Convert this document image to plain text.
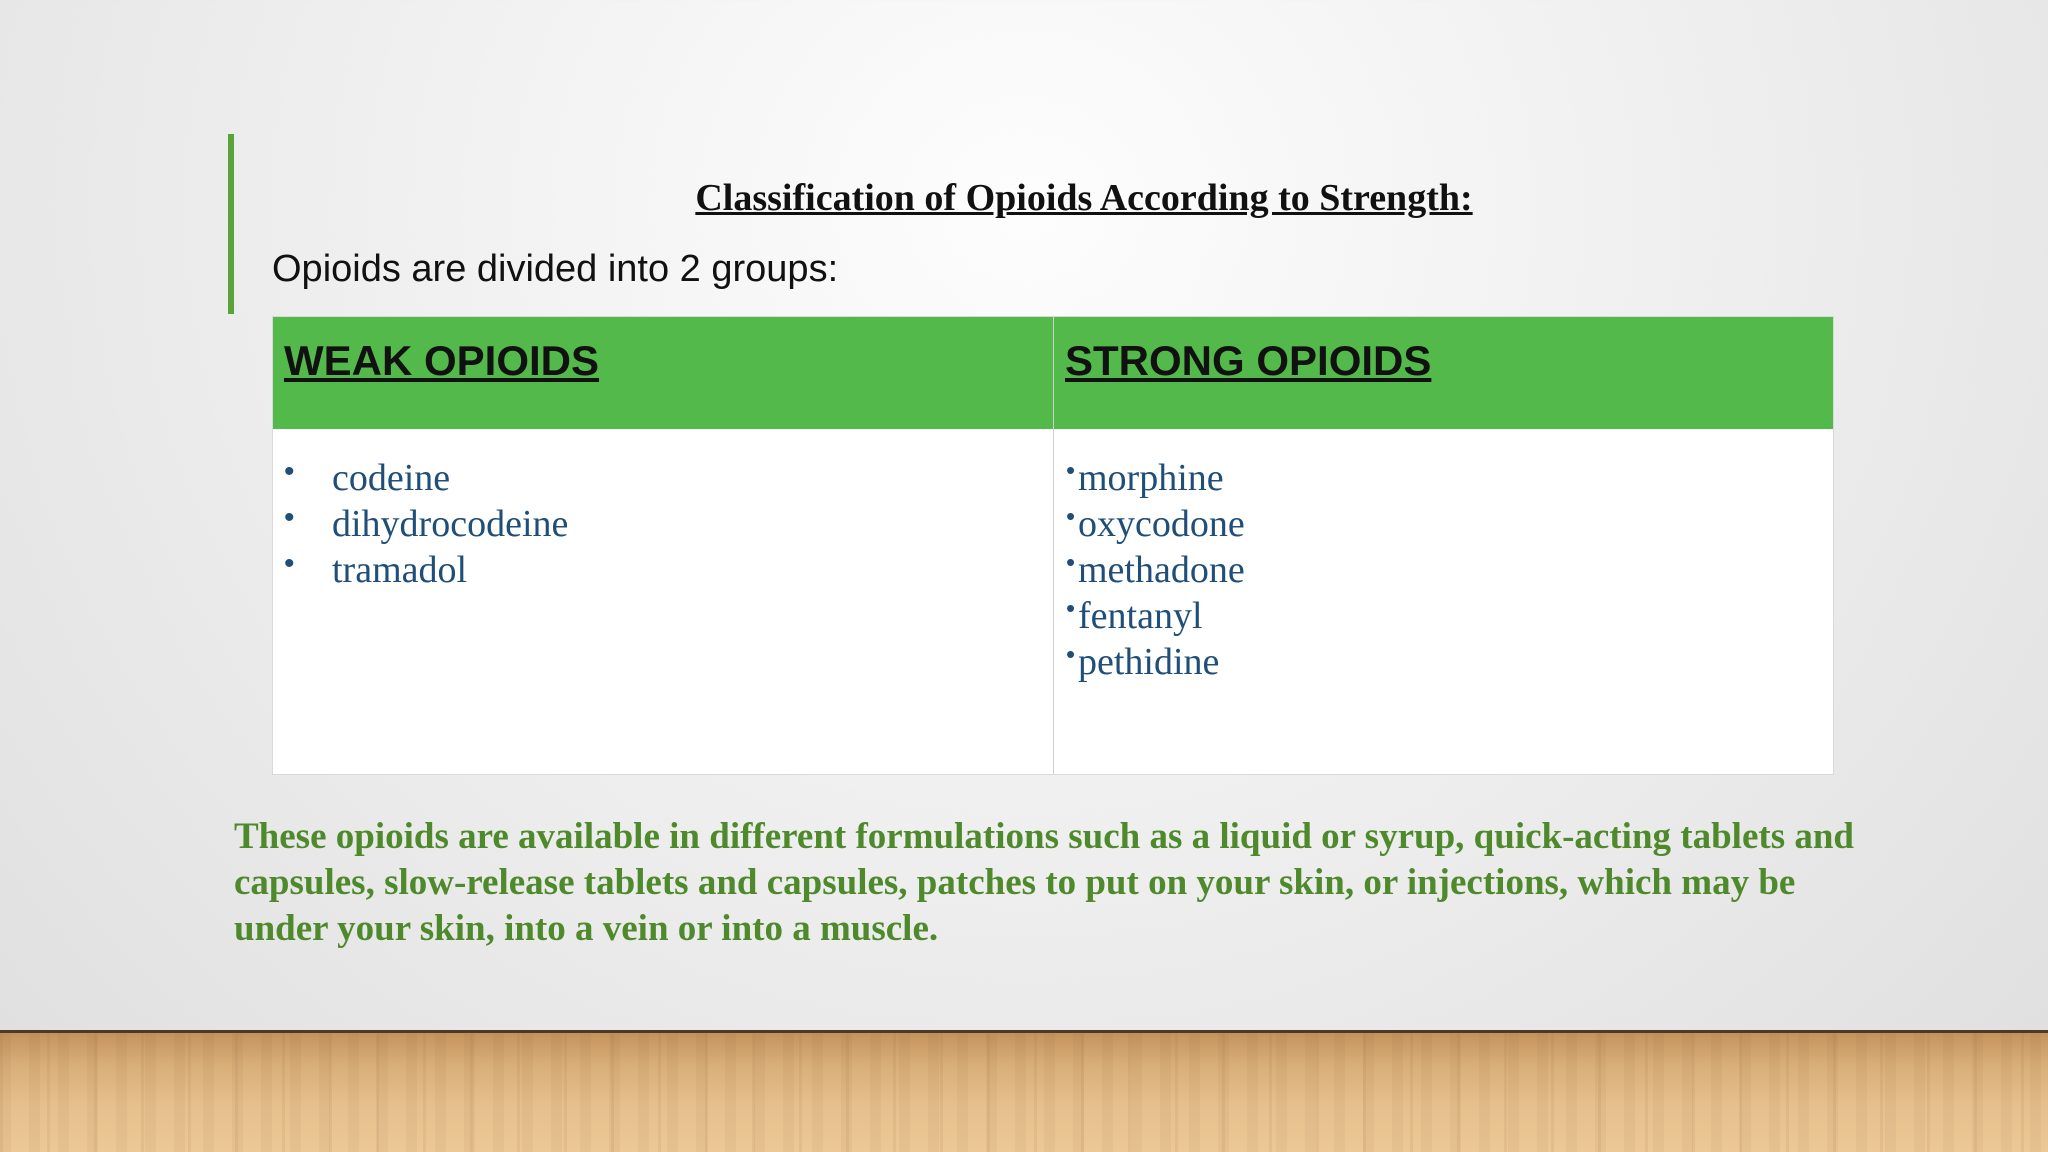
Classification of Opioids According to Strength:

Opioids are divided into 2 groups:

WEAK OPIOIDS
• codeine
• dihydrocodeine
• tramadol
STRONG OPIOIDS
• morphine
• oxycodone
• methadone
• fentanyl
• pethidine

These opioids are available in different formulations such as a liquid or syrup, quick-acting tablets and capsules, slow-release tablets and capsules, patches to put on your skin, or injections, which may be under your skin, into a vein or into a muscle.
